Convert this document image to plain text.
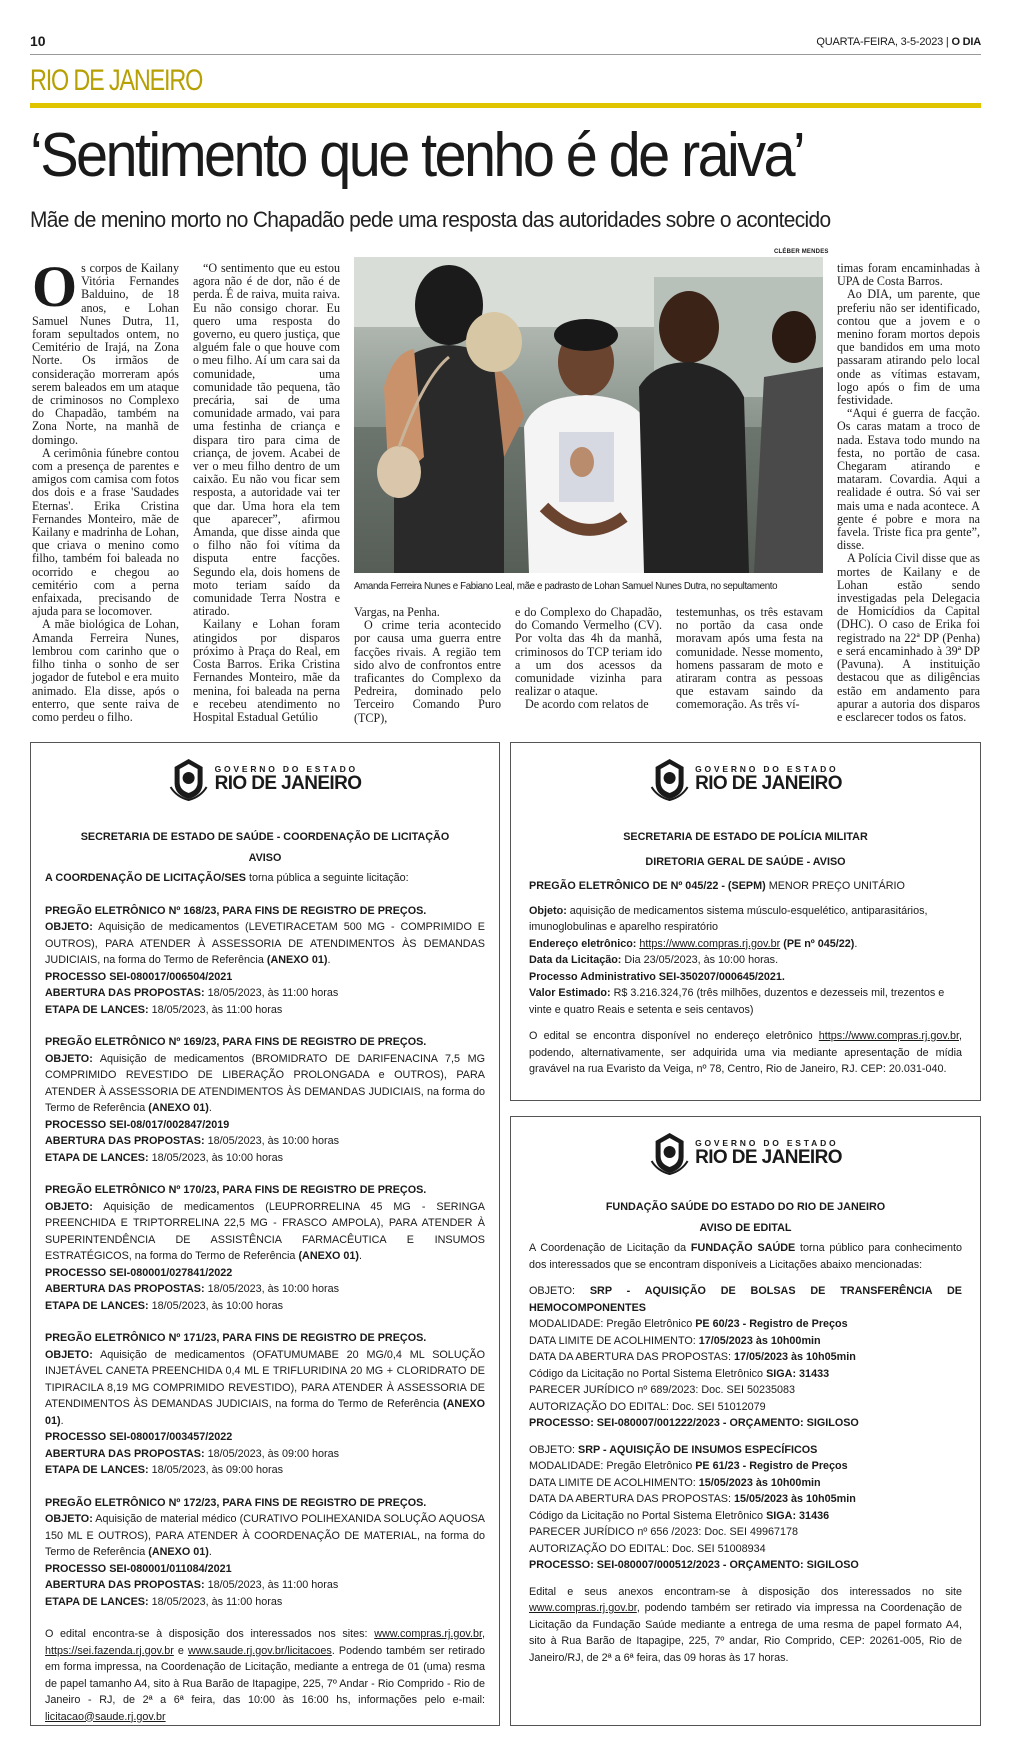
10	QUARTA-FEIRA, 3-5-2023 | O DIA
RIO DE JANEIRO
‘Sentimento que tenho é de raiva’
Mãe de menino morto no Chapadão pede uma resposta das autoridades sobre o acontecido

Os corpos de Kailany Vitória Fernandes Balduino, de 18 anos, e Lohan Samuel Nunes Dutra, 11, foram sepultados ontem, no Cemitério de Irajá, na Zona Norte. Os irmãos de consideração morreram após serem baleados em um ataque de criminosos no Complexo do Chapadão, também na Zona Norte, na manhã de domingo.

A cerimônia fúnebre contou com a presença de parentes e amigos com camisa com fotos dos dois e a frase 'Saudades Eternas'. Erika Cristina Fernandes Monteiro, mãe de Kailany e madrinha de Lohan, que criava o menino como filho, também foi baleada no ocorrido e chegou ao cemitério com a perna enfaixada, precisando de ajuda para se locomover.

A mãe biológica de Lohan, Amanda Ferreira Nunes, lembrou com carinho que o filho tinha o sonho de ser jogador de futebol e era muito animado. Ela disse, após o enterro, que sente raiva de como perdeu o filho.

“O sentimento que eu estou agora não é de dor, não é de perda. É de raiva, muita raiva. Eu não consigo chorar. Eu quero uma resposta do governo, eu quero justiça, que alguém fale o que houve com o meu filho. Aí um cara sai da comunidade, uma comunidade tão pequena, tão precária, sai de uma comunidade armado, vai para uma festinha de criança e dispara tiro para cima de criança, de jovem. Acabei de ver o meu filho dentro de um caixão. Eu não vou ficar sem resposta, a autoridade vai ter que dar. Uma hora ela tem que aparecer”, afirmou Amanda, que disse ainda que o filho não foi vítima da disputa entre facções. Segundo ela, dois homens de moto teriam saído da comunidade Terra Nostra e atirado.

Kailany e Lohan foram atingidos por disparos próximo à Praça do Real, em Costa Barros. Erika Cristina Fernandes Monteiro, mãe da menina, foi baleada na perna e recebeu atendimento no Hospital Estadual Getúlio

Vargas, na Penha.

O crime teria acontecido por causa uma guerra entre facções rivais. A região tem sido alvo de confrontos entre traficantes do Complexo da Pedreira, dominado pelo Terceiro Comando Puro (TCP),

e do Complexo do Chapadão, do Comando Vermelho (CV). Por volta das 4h da manhã, criminosos do TCP teriam ido a um dos acessos da comunidade vizinha para realizar o ataque.

De acordo com relatos de

testemunhas, os três estavam no portão da casa onde moravam após uma festa na comunidade. Nesse momento, homens passaram de moto e atiraram contra as pessoas que estavam saindo da comemoração. As três ví-

timas foram encaminhadas à UPA de Costa Barros.

Ao DIA, um parente, que preferiu não ser identificado, contou que a jovem e o menino foram mortos depois que bandidos em uma moto passaram atirando pelo local onde as vítimas estavam, logo após o fim de uma festividade.

“Aqui é guerra de facção. Os caras matam a troco de nada. Estava todo mundo na festa, no portão de casa. Chegaram atirando e mataram. Covardia. Aqui a realidade é outra. Só vai ser mais uma e nada acontece. A gente é pobre e mora na favela. Triste fica pra gente”, disse.

A Polícia Civil disse que as mortes de Kailany e de Lohan estão sendo investigadas pela Delegacia de Homicídios da Capital (DHC). O caso de Erika foi registrado na 22ª DP (Penha) e será encaminhado à 39ª DP (Pavuna). A instituição destacou que as diligências estão em andamento para apurar a autoria dos disparos e esclarecer todos os fatos.

CLÉBER MENDES
Amanda Ferreira Nunes e Fabiano Leal, mãe e padrasto de Lohan Samuel Nunes Dutra, no sepultamento
GOVERNO DO ESTADO
RIO DE JANEIRO
SECRETARIA DE ESTADO DE SAÚDE - COORDENAÇÃO DE LICITAÇÃO
AVISO
A COORDENAÇÃO DE LICITAÇÃO/SES torna pública a seguinte licitação:
PREGÃO ELETRÔNICO Nº 168/23, PARA FINS DE REGISTRO DE PREÇOS.
OBJETO: Aquisição de medicamentos (LEVETIRACETAM 500 MG - COMPRIMIDO E OUTROS), PARA ATENDER À ASSESSORIA DE ATENDIMENTOS ÀS DEMANDAS JUDICIAIS, na forma do Termo de Referência (ANEXO 01).
PROCESSO SEI-080017/006504/2021
ABERTURA DAS PROPOSTAS: 18/05/2023, às 11:00 horas
ETAPA DE LANCES: 18/05/2023, às 11:00 horas
PREGÃO ELETRÔNICO Nº 169/23, PARA FINS DE REGISTRO DE PREÇOS.
OBJETO: Aquisição de medicamentos (BROMIDRATO DE DARIFENACINA 7,5 MG COMPRIMIDO REVESTIDO DE LIBERAÇÃO PROLONGADA e OUTROS), PARA ATENDER À ASSESSORIA DE ATENDIMENTOS ÀS DEMANDAS JUDICIAIS, na forma do Termo de Referência (ANEXO 01).
PROCESSO SEI-08/017/002847/2019
ABERTURA DAS PROPOSTAS: 18/05/2023, às 10:00 horas
ETAPA DE LANCES: 18/05/2023, às 10:00 horas
PREGÃO ELETRÔNICO Nº 170/23, PARA FINS DE REGISTRO DE PREÇOS.
OBJETO: Aquisição de medicamentos (LEUPRORRELINA 45 MG - SERINGA PREENCHIDA E TRIPTORRELINA 22,5 MG - FRASCO AMPOLA), PARA ATENDER À SUPERINTENDÊNCIA DE ASSISTÊNCIA FARMACÊUTICA E INSUMOS ESTRATÉGICOS, na forma do Termo de Referência (ANEXO 01).
PROCESSO SEI-080001/027841/2022
ABERTURA DAS PROPOSTAS: 18/05/2023, às 10:00 horas
ETAPA DE LANCES: 18/05/2023, às 10:00 horas
PREGÃO ELETRÔNICO Nº 171/23, PARA FINS DE REGISTRO DE PREÇOS.
OBJETO: Aquisição de medicamentos (OFATUMUMABE 20 MG/0,4 ML SOLUÇÃO INJETÁVEL CANETA PREENCHIDA 0,4 ML E TRIFLURIDINA 20 MG + CLORIDRATO DE TIPIRACILA 8,19 MG COMPRIMIDO REVESTIDO), PARA ATENDER À ASSESSORIA DE ATENDIMENTOS ÀS DEMANDAS JUDICIAIS, na forma do Termo de Referência (ANEXO 01).
PROCESSO SEI-080017/003457/2022
ABERTURA DAS PROPOSTAS: 18/05/2023, às 09:00 horas
ETAPA DE LANCES: 18/05/2023, às 09:00 horas
PREGÃO ELETRÔNICO Nº 172/23, PARA FINS DE REGISTRO DE PREÇOS.
OBJETO: Aquisição de material médico (CURATIVO POLIHEXANIDA SOLUÇÃO AQUOSA 150 ML E OUTROS), PARA ATENDER À COORDENAÇÃO DE MATERIAL, na forma do Termo de Referência (ANEXO 01).
PROCESSO SEI-080001/011084/2021
ABERTURA DAS PROPOSTAS: 18/05/2023, às 11:00 horas
ETAPA DE LANCES: 18/05/2023, às 11:00 horas
O edital encontra-se à disposição dos interessados nos sites: www.compras.rj.gov.br, https://sei.fazenda.rj.gov.br e www.saude.rj.gov.br/licitacoes. Podendo também ser retirado em forma impressa, na Coordenação de Licitação, mediante a entrega de 01 (uma) resma de papel tamanho A4, sito à Rua Barão de Itapagipe, 225, 7º Andar - Rio Comprido - Rio de Janeiro - RJ, de 2ª a 6ª feira, das 10:00 às 16:00 hs, informações pelo e-mail: licitacao@saude.rj.gov.br
GOVERNO DO ESTADO
RIO DE JANEIRO
SECRETARIA DE ESTADO DE POLÍCIA MILITAR
DIRETORIA GERAL DE SAÚDE - AVISO
PREGÃO ELETRÔNICO DE Nº 045/22 - (SEPM) MENOR PREÇO UNITÁRIO
Objeto: aquisição de medicamentos sistema músculo-esquelético, antiparasitários, imunoglobulinas e aparelho respiratório
Endereço eletrônico: https://www.compras.rj.gov.br (PE nº 045/22).
Data da Licitação: Dia 23/05/2023, às 10:00 horas.
Processo Administrativo SEI-350207/000645/2021.
Valor Estimado: R$ 3.216.324,76 (três milhões, duzentos e dezesseis mil, trezentos e vinte e quatro Reais e setenta e seis centavos)
O edital se encontra disponível no endereço eletrônico https://www.compras.rj.gov.br, podendo, alternativamente, ser adquirida uma via mediante apresentação de mídia gravável na rua Evaristo da Veiga, nº 78, Centro, Rio de Janeiro, RJ. CEP: 20.031-040.
GOVERNO DO ESTADO
RIO DE JANEIRO
FUNDAÇÃO SAÚDE DO ESTADO DO RIO DE JANEIRO
AVISO DE EDITAL
A Coordenação de Licitação da FUNDAÇÃO SAÚDE torna público para conhecimento dos interessados que se encontram disponíveis a Licitações abaixo mencionadas:
OBJETO: SRP - AQUISIÇÃO DE BOLSAS DE TRANSFERÊNCIA DE HEMOCOMPONENTES
MODALIDADE: Pregão Eletrônico PE 60/23 - Registro de Preços
DATA LIMITE DE ACOLHIMENTO: 17/05/2023 às 10h00min
DATA DA ABERTURA DAS PROPOSTAS: 17/05/2023 às 10h05min
Código da Licitação no Portal Sistema Eletrônico SIGA: 31433
PARECER JURÍDICO nº 689/2023: Doc. SEI 50235083
AUTORIZAÇÃO DO EDITAL: Doc. SEI 51012079
PROCESSO: SEI-080007/001222/2023 - ORÇAMENTO: SIGILOSO
OBJETO: SRP - AQUISIÇÃO DE INSUMOS ESPECÍFICOS
MODALIDADE: Pregão Eletrônico PE 61/23 - Registro de Preços
DATA LIMITE DE ACOLHIMENTO: 15/05/2023 às 10h00min
DATA DA ABERTURA DAS PROPOSTAS: 15/05/2023 às 10h05min
Código da Licitação no Portal Sistema Eletrônico SIGA: 31436
PARECER JURÍDICO nº 656 /2023: Doc. SEI 49967178
AUTORIZAÇÃO DO EDITAL: Doc. SEI 51008934
PROCESSO: SEI-080007/000512/2023 - ORÇAMENTO: SIGILOSO
Edital e seus anexos encontram-se à disposição dos interessados no site www.compras.rj.gov.br, podendo também ser retirado via impressa na Coordenação de Licitação da Fundação Saúde mediante a entrega de uma resma de papel formato A4, sito à Rua Barão de Itapagipe, 225, 7º andar, Rio Comprido, CEP: 20261-005, Rio de Janeiro/RJ, de 2ª a 6ª feira, das 09 horas às 17 horas.
